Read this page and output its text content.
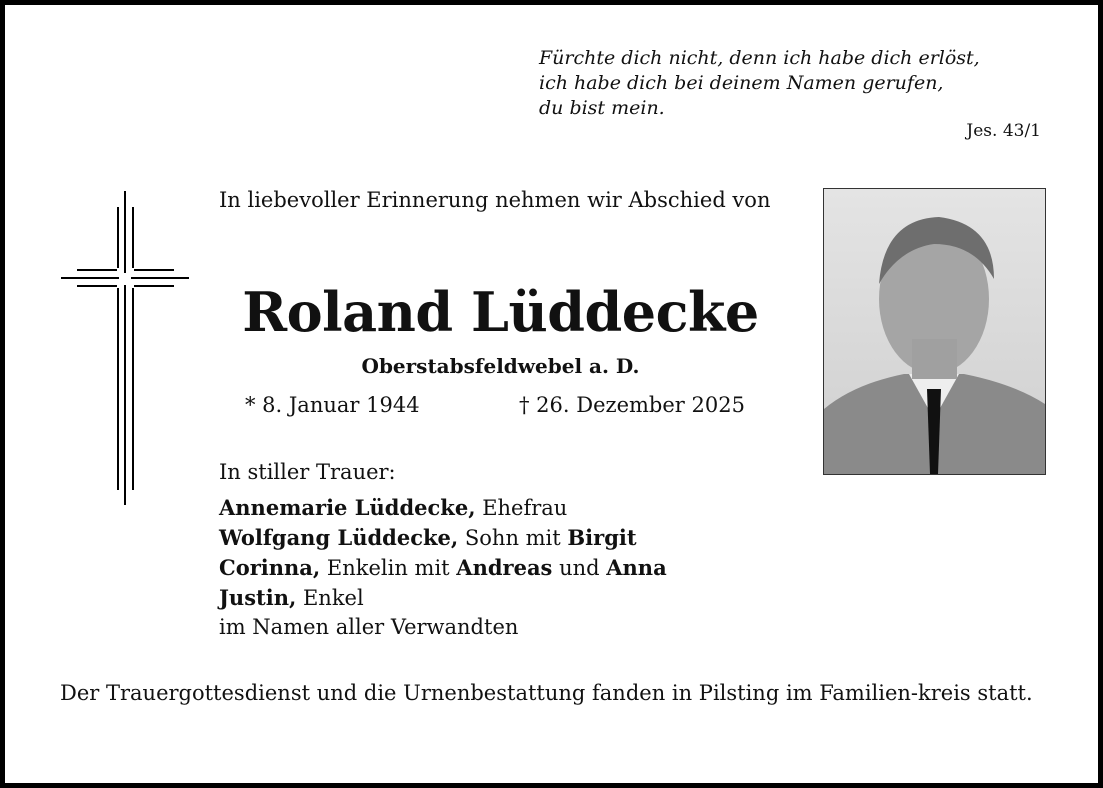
Fürchte dich nicht, denn ich habe dich erlöst,
ich habe dich bei deinem Namen gerufen,
du bist mein.
Jes. 43/1
In liebevoller Erinnerung nehmen wir Abschied von
Roland Lüddecke
Oberstabsfeldwebel a. D.
* 8. Januar 1944	† 26. Dezember 2025
In stiller Trauer:
Annemarie Lüddecke, Ehefrau
Wolfgang Lüddecke, Sohn mit Birgit
Corinna, Enkelin mit Andreas und Anna
Justin, Enkel
im Namen aller Verwandten
Der Trauergottesdienst und die Urnenbestattung fanden in Pilsting im Familien-kreis statt.
